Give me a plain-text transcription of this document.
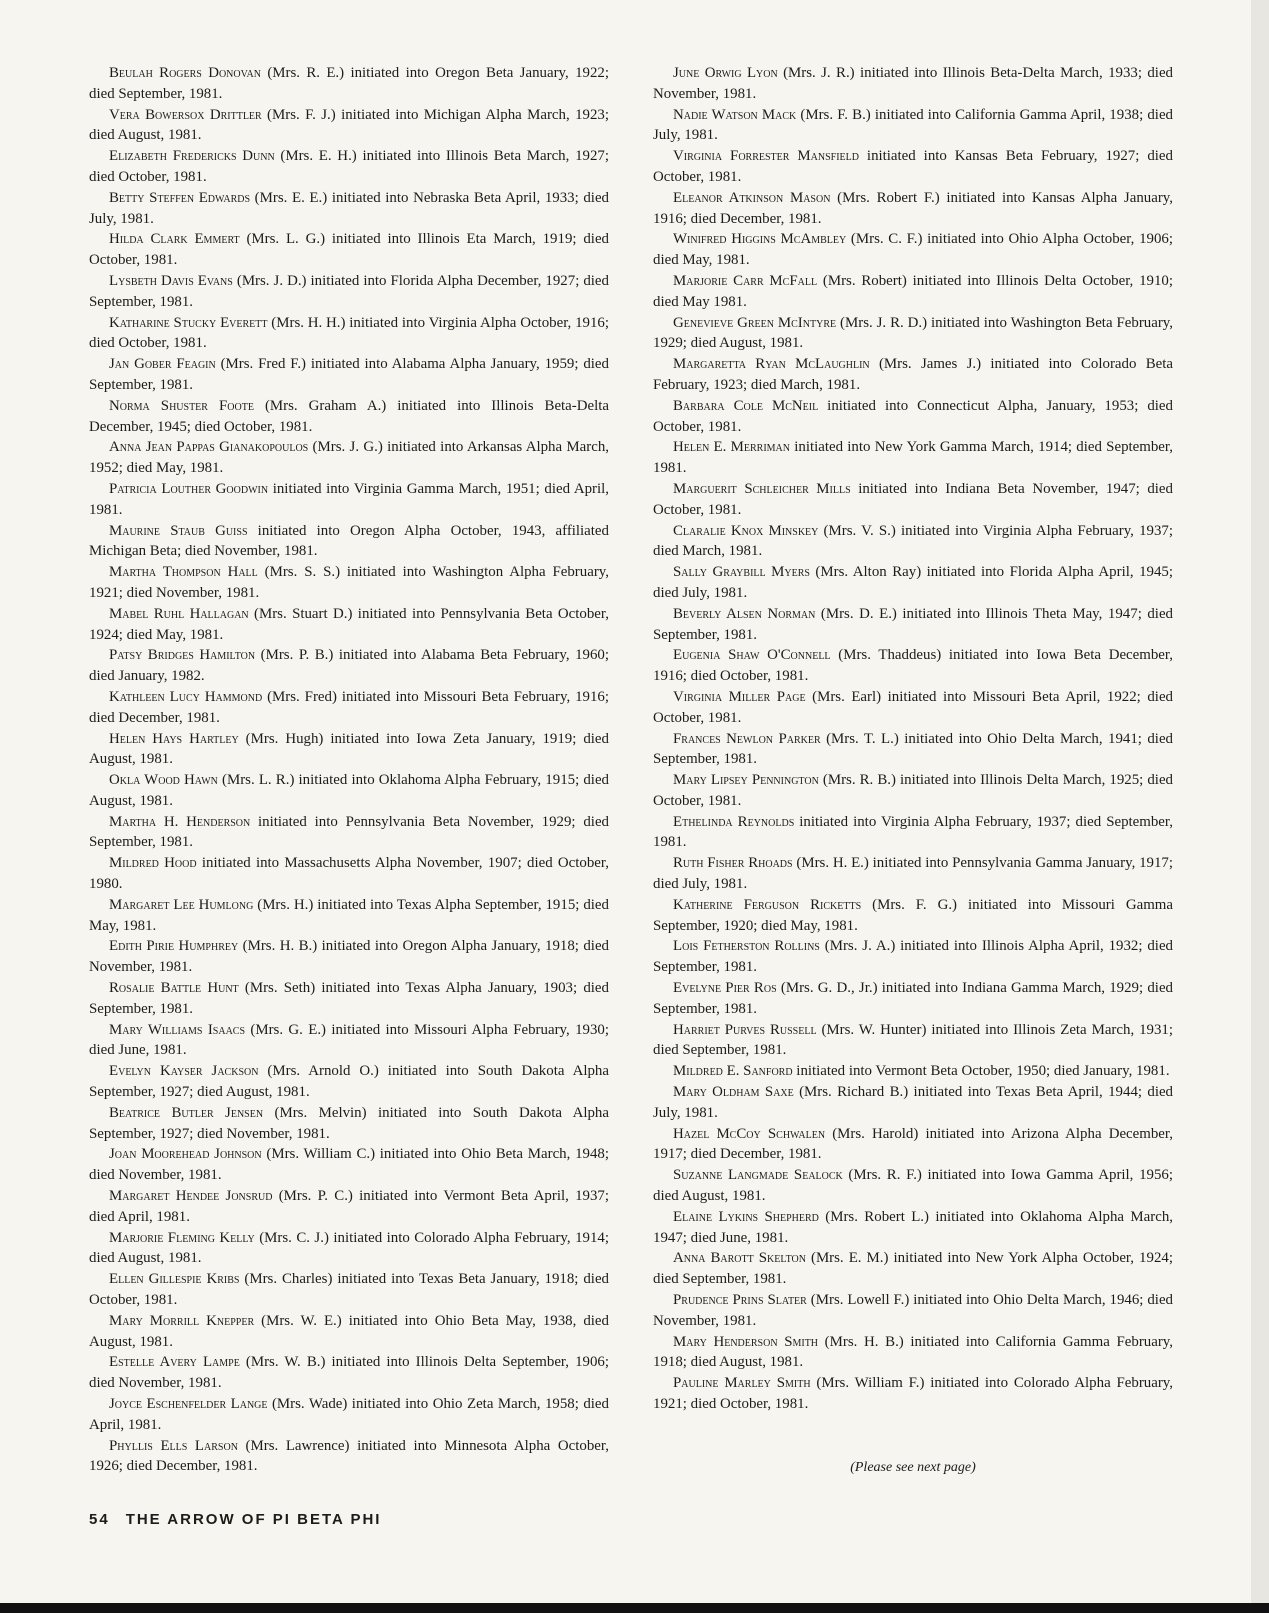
Beulah Rogers Donovan (Mrs. R. E.) initiated into Oregon Beta January, 1922; died September, 1981.

Vera Bowersox Drittler (Mrs. F. J.) initiated into Michigan Alpha March, 1923; died August, 1981.

Elizabeth Fredericks Dunn (Mrs. E. H.) initiated into Illinois Beta March, 1927; died October, 1981.

Betty Steffen Edwards (Mrs. E. E.) initiated into Nebraska Beta April, 1933; died July, 1981.

Hilda Clark Emmert (Mrs. L. G.) initiated into Illinois Eta March, 1919; died October, 1981.

Lysbeth Davis Evans (Mrs. J. D.) initiated into Florida Alpha December, 1927; died September, 1981.

Katharine Stucky Everett (Mrs. H. H.) initiated into Virginia Alpha October, 1916; died October, 1981.

Jan Gober Feagin (Mrs. Fred F.) initiated into Alabama Alpha January, 1959; died September, 1981.

Norma Shuster Foote (Mrs. Graham A.) initiated into Illinois Beta-Delta December, 1945; died October, 1981.

Anna Jean Pappas Gianakopoulos (Mrs. J. G.) initiated into Arkansas Alpha March, 1952; died May, 1981.

Patricia Louther Goodwin initiated into Virginia Gamma March, 1951; died April, 1981.

Maurine Staub Guiss initiated into Oregon Alpha October, 1943, affiliated Michigan Beta; died November, 1981.

Martha Thompson Hall (Mrs. S. S.) initiated into Washington Alpha February, 1921; died November, 1981.

Mabel Ruhl Hallagan (Mrs. Stuart D.) initiated into Pennsylvania Beta October, 1924; died May, 1981.

Patsy Bridges Hamilton (Mrs. P. B.) initiated into Alabama Beta February, 1960; died January, 1982.

Kathleen Lucy Hammond (Mrs. Fred) initiated into Missouri Beta February, 1916; died December, 1981.

Helen Hays Hartley (Mrs. Hugh) initiated into Iowa Zeta January, 1919; died August, 1981.

Okla Wood Hawn (Mrs. L. R.) initiated into Oklahoma Alpha February, 1915; died August, 1981.

Martha H. Henderson initiated into Pennsylvania Beta November, 1929; died September, 1981.

Mildred Hood initiated into Massachusetts Alpha November, 1907; died October, 1980.

Margaret Lee Humlong (Mrs. H.) initiated into Texas Alpha September, 1915; died May, 1981.

Edith Pirie Humphrey (Mrs. H. B.) initiated into Oregon Alpha January, 1918; died November, 1981.

Rosalie Battle Hunt (Mrs. Seth) initiated into Texas Alpha January, 1903; died September, 1981.

Mary Williams Isaacs (Mrs. G. E.) initiated into Missouri Alpha February, 1930; died June, 1981.

Evelyn Kayser Jackson (Mrs. Arnold O.) initiated into South Dakota Alpha September, 1927; died August, 1981.

Beatrice Butler Jensen (Mrs. Melvin) initiated into South Dakota Alpha September, 1927; died November, 1981.

Joan Moorehead Johnson (Mrs. William C.) initiated into Ohio Beta March, 1948; died November, 1981.

Margaret Hendee Jonsrud (Mrs. P. C.) initiated into Vermont Beta April, 1937; died April, 1981.

Marjorie Fleming Kelly (Mrs. C. J.) initiated into Colorado Alpha February, 1914; died August, 1981.

Ellen Gillespie Kribs (Mrs. Charles) initiated into Texas Beta January, 1918; died October, 1981.

Mary Morrill Knepper (Mrs. W. E.) initiated into Ohio Beta May, 1938, died August, 1981.

Estelle Avery Lampe (Mrs. W. B.) initiated into Illinois Delta September, 1906; died November, 1981.

Joyce Eschenfelder Lange (Mrs. Wade) initiated into Ohio Zeta March, 1958; died April, 1981.

Phyllis Ells Larson (Mrs. Lawrence) initiated into Minnesota Alpha October, 1926; died December, 1981.

June Orwig Lyon (Mrs. J. R.) initiated into Illinois Beta-Delta March, 1933; died November, 1981.

Nadie Watson Mack (Mrs. F. B.) initiated into California Gamma April, 1938; died July, 1981.

Virginia Forrester Mansfield initiated into Kansas Beta February, 1927; died October, 1981.

Eleanor Atkinson Mason (Mrs. Robert F.) initiated into Kansas Alpha January, 1916; died December, 1981.

Winifred Higgins McAmbley (Mrs. C. F.) initiated into Ohio Alpha October, 1906; died May, 1981.

Marjorie Carr McFall (Mrs. Robert) initiated into Illinois Delta October, 1910; died May 1981.

Genevieve Green McIntyre (Mrs. J. R. D.) initiated into Washington Beta February, 1929; died August, 1981.

Margaretta Ryan McLaughlin (Mrs. James J.) initiated into Colorado Beta February, 1923; died March, 1981.

Barbara Cole McNeil initiated into Connecticut Alpha, January, 1953; died October, 1981.

Helen E. Merriman initiated into New York Gamma March, 1914; died September, 1981.

Marguerit Schleicher Mills initiated into Indiana Beta November, 1947; died October, 1981.

Claralie Knox Minskey (Mrs. V. S.) initiated into Virginia Alpha February, 1937; died March, 1981.

Sally Graybill Myers (Mrs. Alton Ray) initiated into Florida Alpha April, 1945; died July, 1981.

Beverly Alsen Norman (Mrs. D. E.) initiated into Illinois Theta May, 1947; died September, 1981.

Eugenia Shaw O'Connell (Mrs. Thaddeus) initiated into Iowa Beta December, 1916; died October, 1981.

Virginia Miller Page (Mrs. Earl) initiated into Missouri Beta April, 1922; died October, 1981.

Frances Newlon Parker (Mrs. T. L.) initiated into Ohio Delta March, 1941; died September, 1981.

Mary Lipsey Pennington (Mrs. R. B.) initiated into Illinois Delta March, 1925; died October, 1981.

Ethelinda Reynolds initiated into Virginia Alpha February, 1937; died September, 1981.

Ruth Fisher Rhoads (Mrs. H. E.) initiated into Pennsylvania Gamma January, 1917; died July, 1981.

Katherine Ferguson Ricketts (Mrs. F. G.) initiated into Missouri Gamma September, 1920; died May, 1981.

Lois Fetherston Rollins (Mrs. J. A.) initiated into Illinois Alpha April, 1932; died September, 1981.

Evelyne Pier Ros (Mrs. G. D., Jr.) initiated into Indiana Gamma March, 1929; died September, 1981.

Harriet Purves Russell (Mrs. W. Hunter) initiated into Illinois Zeta March, 1931; died September, 1981.

Mildred E. Sanford initiated into Vermont Beta October, 1950; died January, 1981.

Mary Oldham Saxe (Mrs. Richard B.) initiated into Texas Beta April, 1944; died July, 1981.

Hazel McCoy Schwalen (Mrs. Harold) initiated into Arizona Alpha December, 1917; died December, 1981.

Suzanne Langmade Sealock (Mrs. R. F.) initiated into Iowa Gamma April, 1956; died August, 1981.

Elaine Lykins Shepherd (Mrs. Robert L.) initiated into Oklahoma Alpha March, 1947; died June, 1981.

Anna Barott Skelton (Mrs. E. M.) initiated into New York Alpha October, 1924; died September, 1981.

Prudence Prins Slater (Mrs. Lowell F.) initiated into Ohio Delta March, 1946; died November, 1981.

Mary Henderson Smith (Mrs. H. B.) initiated into California Gamma February, 1918; died August, 1981.

Pauline Marley Smith (Mrs. William F.) initiated into Colorado Alpha February, 1921; died October, 1981.

(Please see next page)
54 THE ARROW OF PI BETA PHI
